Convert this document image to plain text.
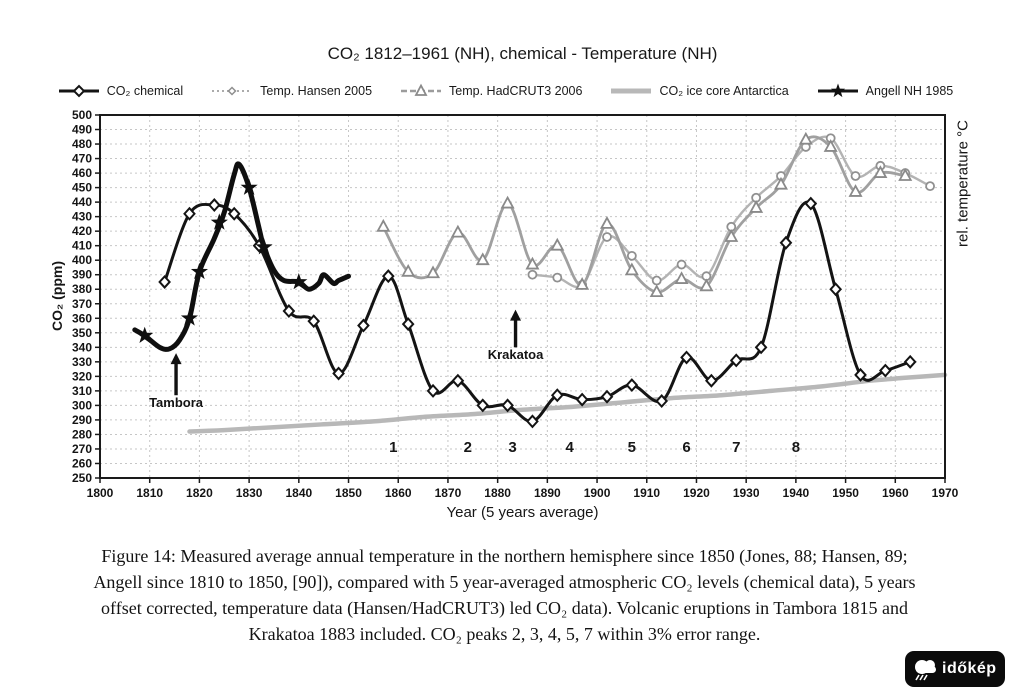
CO₂ 1812–1961 (NH), chemical - Temperature (NH)
CO₂ chemical	Temp. Hansen 2005	Temp. HadCRUT3 2006	CO₂ ice core Antarctica	Angell NH 1985
250
260
270
280
290
300
310
320
330
340
350
360
370
380
390
400
410
420
430
440
450
460
470
480
490
500
1800 1810 1820 1830 1840 1850 1860 1870 1880 1890 1900 1910 1920 1930 1940 1950 1960 1970
Tambora
Krakatoa
1	2 3	4	5	6	7	8
CO₂ (ppm)
Year (5 years average)
rel. temperature °C
Figure 14: Measured average annual temperature in the northern hemisphere since 1850 (Jones, 88; Hansen, 89;
Angell since 1810 to 1850, [90]), compared with 5 year-averaged atmospheric CO₂ levels (chemical data), 5 years
offset corrected, temperature data (Hansen/HadCRUT3) led CO₂ data). Volcanic eruptions in Tambora 1815 and
Krakatoa 1883 included. CO₂ peaks 2, 3, 4, 5, 7 within 3% error range.
időkép
